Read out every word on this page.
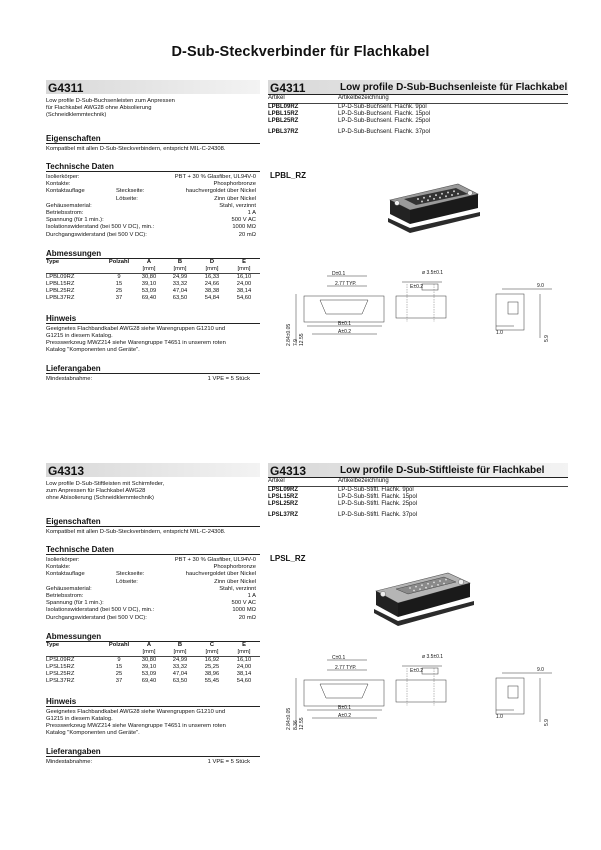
D-Sub-Steckverbinder für Flachkabel
G4311
Low profile D-Sub-Buchsenleisten zum Anpressen
für Flachkabel AWG28 ohne Abisolierung
(Schneidklemmtechnik)
Eigenschaften
Kompatibel mit allen D-Sub-Steckverbindern, entspricht MIL-C-24308.
Technische Daten
Isolierkörper:	PBT + 30 % Glasfiber, UL94V-0
Kontakte:	Phosphorbronze
Kontaktauflage	Steckseite:	hauchvergoldet über Nickel
Lötseite:	Zinn über Nickel
Gehäusematerial:	Stahl, verzinnt
Betriebsstrom:	1 A
Spannung (für 1 min.):	500 V AC
Isolationswiderstand (bei 500 V DC), min.:	1000 MΩ
Durchgangswiderstand (bei 500 V DC):	20 mΩ
Abmessungen
Type	Polzahl	A	B	D	E
		[mm]	[mm]	[mm]	[mm]
LPBL09RZ	9	30,80	24,99	16,33	16,10
LPBL15RZ	15	39,10	33,32	24,66	24,00
LPBL25RZ	25	53,09	47,04	38,38	38,14
LPBL37RZ	37	69,40	63,50	54,84	54,60
Hinweis
Geeignetes Flachbandkabel AWG28 siehe Warengruppen G1210 und
G1215 in diesem Katalog.
Presswerkzeug MWZ214 siehe Warengruppe T4651 in unserem roten
Katalog "Komponenten und Geräte".
Lieferangaben
Mindestabnahme:	1 VPE = 5 Stück
G4311	Low profile D-Sub-Buchsenleiste für Flachkabel
Artikel	Artikelbezeichnung
LPBL09RZ	LP-D-Sub-Buchsenl. Flachk. 9pol
LPBL15RZ	LP-D-Sub-Buchsenl. Flachk. 15pol
LPBL25RZ	LP-D-Sub-Buchsenl. Flachk. 25pol
LPBL37RZ	LP-D-Sub-Buchsenl. Flachk. 37pol
LPBL_RZ
D±0.1
2.77 TYP.
B±0.1
A±0.2
ø 3.5±0.1
E±0.2	9.0
1.0
5.9
2.84±0.05 7.9 12.55
G4313
Low profile D-Sub-Stiftleisten mit Schirmfeder,
zum Anpressen für Flachkabel AWG28
ohne Abisolierung (Schneidklemmtechnik)
Eigenschaften
Kompatibel mit allen D-Sub-Steckverbindern, entspricht MIL-C-24308.
Technische Daten
Isolierkörper:	PBT + 30 % Glasfiber, UL94V-0
Kontakte:	Phosphorbronze
Kontaktauflage	Steckseite:	hauchvergoldet über Nickel
Lötseite:	Zinn über Nickel
Gehäusematerial:	Stahl, verzinnt
Betriebsstrom:	1 A
Spannung (für 1 min.):	500 V AC
Isolationswiderstand (bei 500 V DC), min.:	1000 MΩ
Durchgangswiderstand (bei 500 V DC):	20 mΩ
Abmessungen
Type	Polzahl	A	B	C	E
		[mm]	[mm]	[mm]	[mm]
LPSL09RZ	9	30,80	24,99	16,92	16,10
LPSL15RZ	15	39,10	33,32	25,25	24,00
LPSL25RZ	25	53,09	47,04	38,96	38,14
LPSL37RZ	37	69,40	63,50	55,45	54,60
Hinweis
Geeignetes Flachbandkabel AWG28 siehe Warengruppen G1210 und
G1215 in diesem Katalog.
Presswerkzeug MWZ214 siehe Warengruppe T4651 in unserem roten
Katalog "Komponenten und Geräte".
Lieferangaben
Mindestabnahme:	1 VPE = 5 Stück
G4313	Low profile D-Sub-Stiftleiste für Flachkabel
Artikel	Artikelbezeichnung
LPSL09RZ	LP-D-Sub-Stiftl. Flachk. 9pol
LPSL15RZ	LP-D-Sub-Stiftl. Flachk. 15pol
LPSL25RZ	LP-D-Sub-Stiftl. Flachk. 25pol
LPSL37RZ	LP-D-Sub-Stiftl. Flachk. 37pol
LPSL_RZ
C±0.1
2.77 TYP.
B±0.1
A±0.2
ø 3.5±0.1
E±0.2	9.0
1.0
5.9
2.84±0.05 8.36 12.55
